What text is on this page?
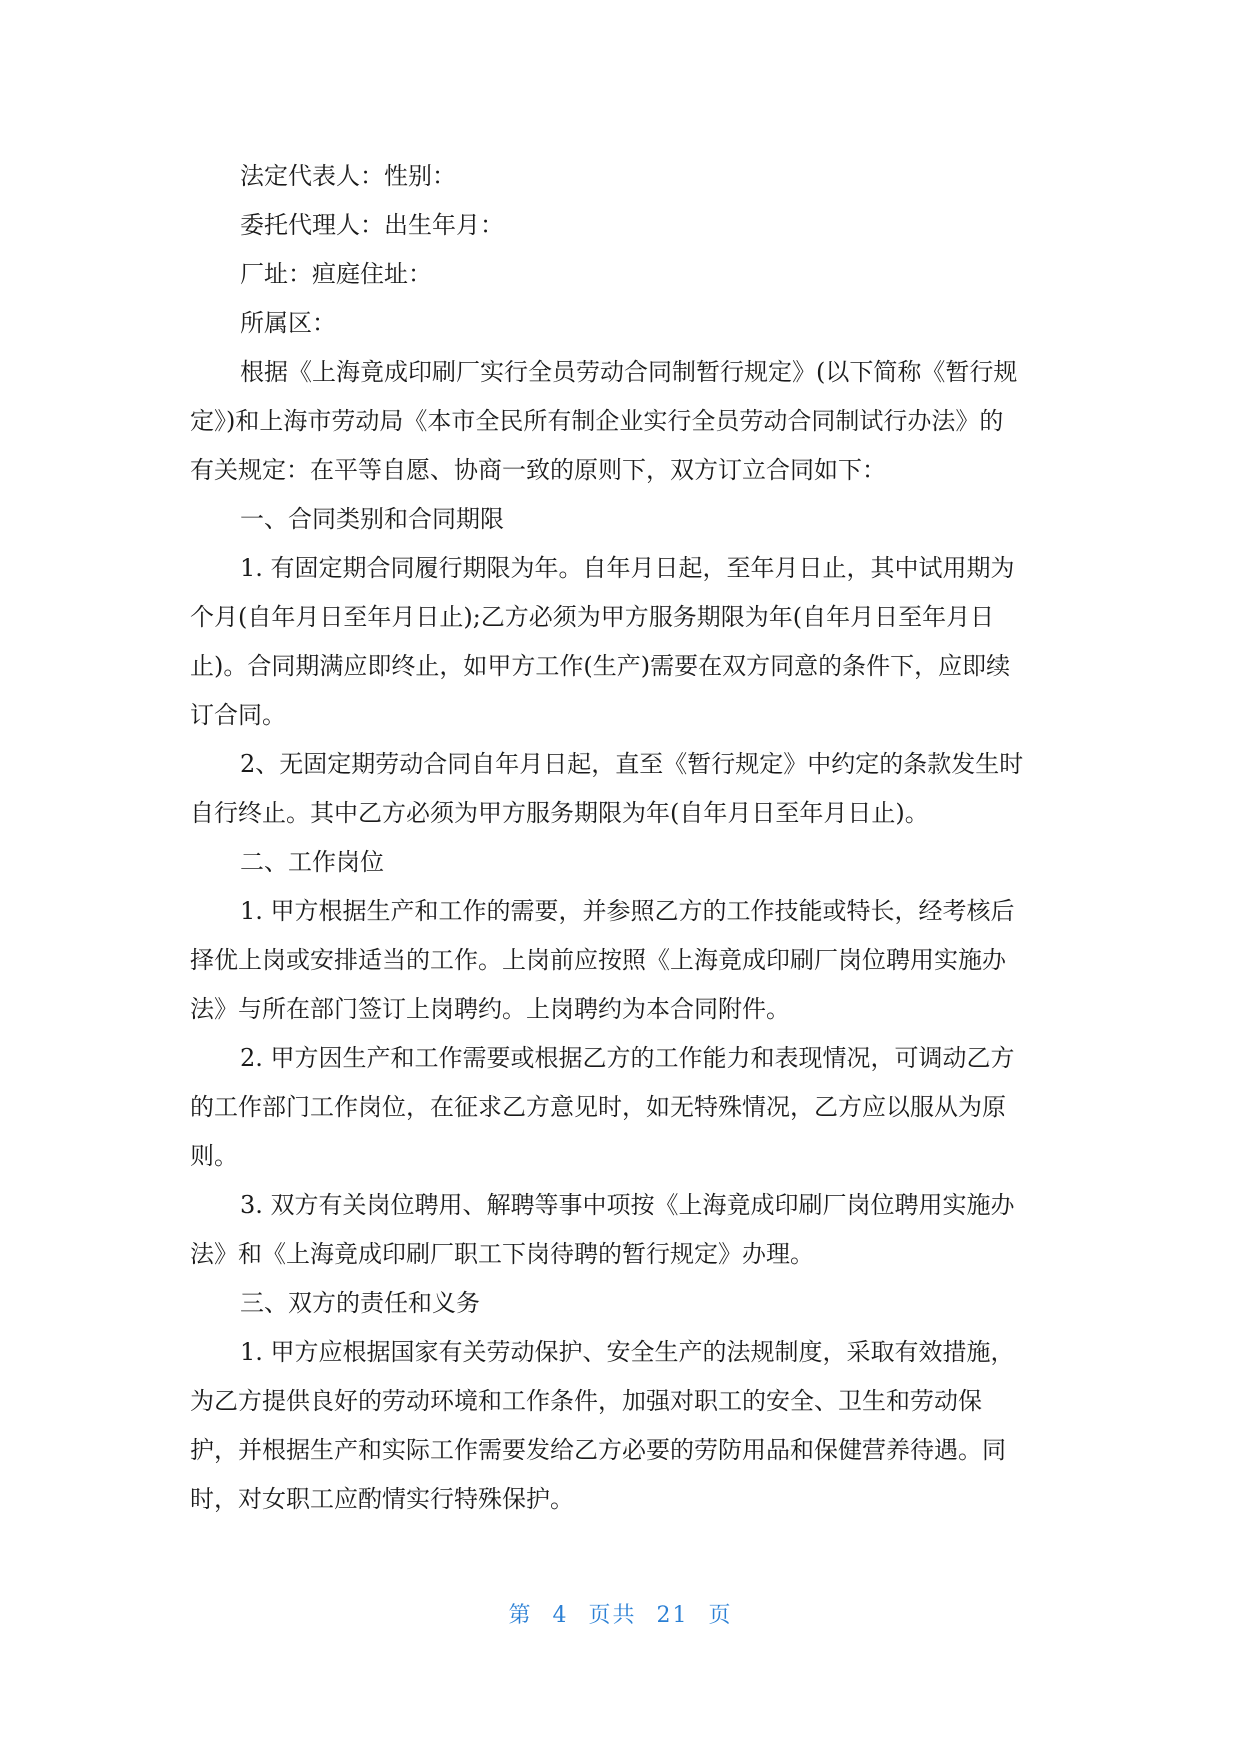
法定代表人：性别：

委托代理人：出生年月：

厂址：疸庭住址：

所属区：

根据《上海竟成印刷厂实行全员劳动合同制暂行规定》(以下简称《暂行规

定》)和上海市劳动局《本市全民所有制企业实行全员劳动合同制试行办法》的

有关规定：在平等自愿、协商一致的原则下，双方订立合同如下：

一、合同类别和合同期限

1. 有固定期合同履行期限为年。自年月日起，至年月日止，其中试用期为

个月(自年月日至年月日止);乙方必须为甲方服务期限为年(自年月日至年月日

止)。合同期满应即终止，如甲方工作(生产)需要在双方同意的条件下，应即续

订合同。

2、无固定期劳动合同自年月日起，直至《暂行规定》中约定的条款发生时

自行终止。其中乙方必须为甲方服务期限为年(自年月日至年月日止)。

二、工作岗位

1. 甲方根据生产和工作的需要，并参照乙方的工作技能或特长，经考核后

择优上岗或安排适当的工作。上岗前应按照《上海竟成印刷厂岗位聘用实施办

法》与所在部门签订上岗聘约。上岗聘约为本合同附件。

2. 甲方因生产和工作需要或根据乙方的工作能力和表现情况，可调动乙方

的工作部门工作岗位，在征求乙方意见时，如无特殊情况，乙方应以服从为原

则。

3. 双方有关岗位聘用、解聘等事中项按《上海竟成印刷厂岗位聘用实施办

法》和《上海竟成印刷厂职工下岗待聘的暂行规定》办理。

三、双方的责任和义务

1. 甲方应根据国家有关劳动保护、安全生产的法规制度，采取有效措施，

为乙方提供良好的劳动环境和工作条件，加强对职工的安全、卫生和劳动保

护，并根据生产和实际工作需要发给乙方必要的劳防用品和保健营养待遇。同

时，对女职工应酌情实行特殊保护。

第 4 页共 21 页
